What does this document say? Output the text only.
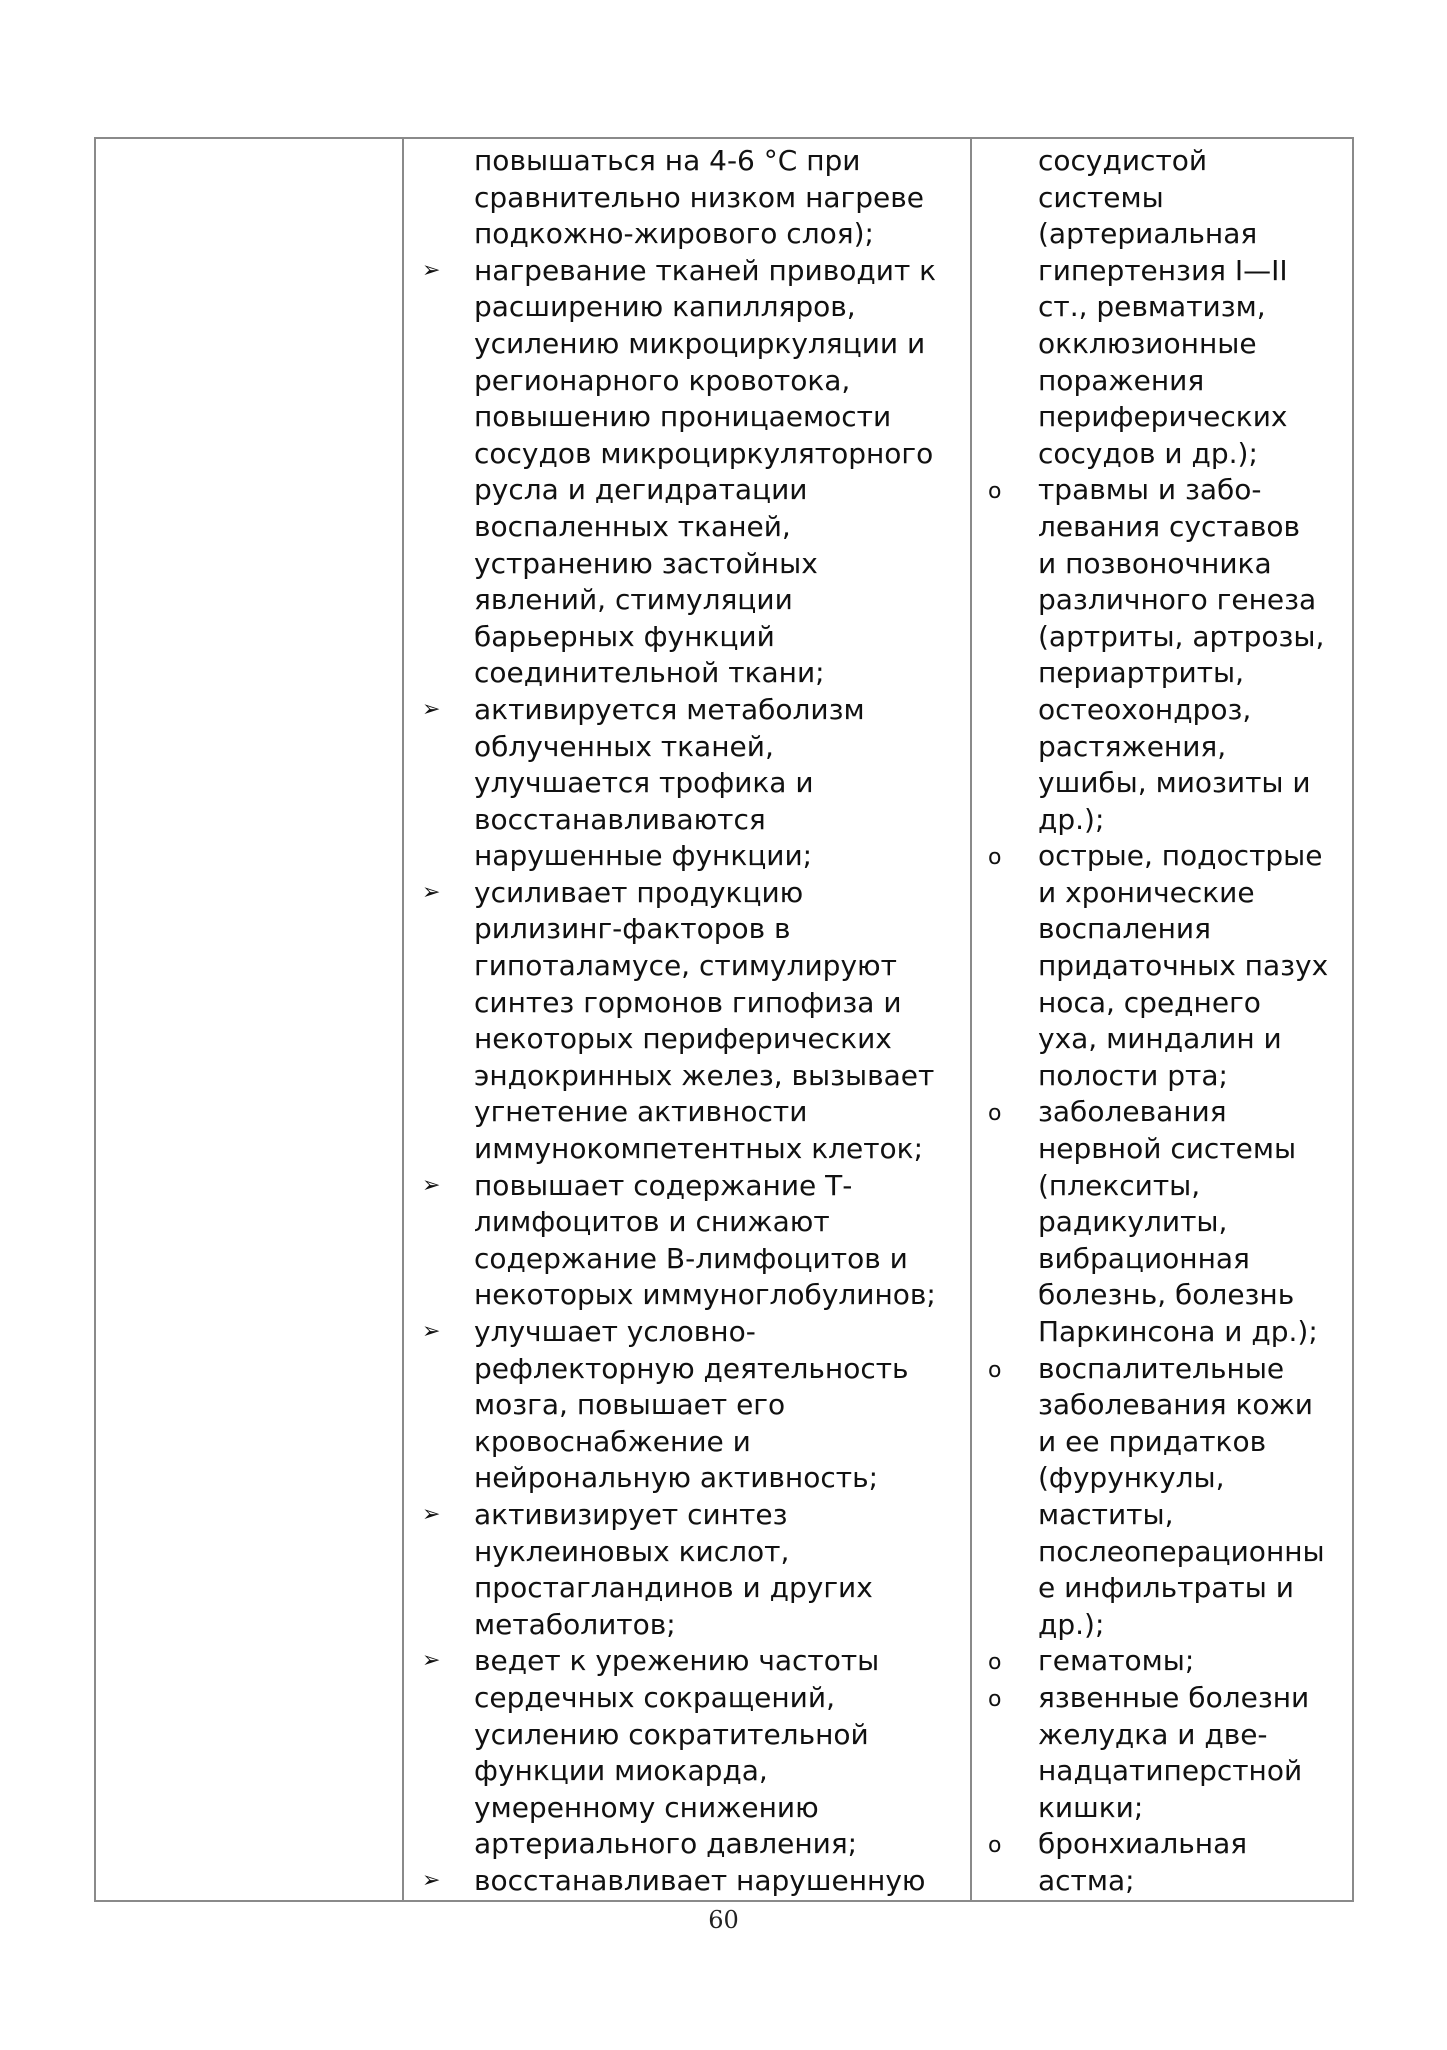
повышаться на 4-6 °С при
сравнительно низком нагреве
подкожно-жирового слоя);
➢ нагревание тканей приводит к
расширению капилляров,
усилению микроциркуляции и
регионарного кровотока,
повышению проницаемости
сосудов микроциркуляторного
русла и дегидратации
воспаленных тканей,
устранению застойных
явлений, стимуляции
барьерных функций
соединительной ткани;
➢ активируется метаболизм
облученных тканей,
улучшается трофика и
восстанавливаются
нарушенные функции;
➢ усиливает продукцию
рилизинг-факторов в
гипоталамусе, стимулируют
синтез гормонов гипофиза и
некоторых периферических
эндокринных желез, вызывает
угнетение активности
иммунокомпетентных клеток;
➢ повышает содержание Т-
лимфоцитов и снижают
содержание В-лимфоцитов и
некоторых иммуноглобулинов;
➢ улучшает условно-
рефлекторную деятельность
мозга, повышает его
кровоснабжение и
нейрональную активность;
➢ активизирует синтез
нуклеиновых кислот,
простагландинов и других
метаболитов;
➢ ведет к урежению частоты
сердечных сокращений,
усилению сократительной
функции миокарда,
умеренному снижению
артериального давления;
➢ восстанавливает нарушенную

сосудистой
системы
(артериальная
гипертензия I—II
ст., ревматизм,
окклюзионные
поражения
периферических
сосудов и др.);
o травмы и забо-
левания суставов
и позвоночника
различного генеза
(артриты, артрозы,
периартриты,
остеохондроз,
растяжения,
ушибы, миозиты и
др.);
o острые, подострые
и хронические
воспаления
придаточных пазух
носа, среднего
уха, миндалин и
полости рта;
o заболевания
нервной системы
(плекситы,
радикулиты,
вибрационная
болезнь, болезнь
Паркинсона и др.);
o воспалительные
заболевания кожи
и ее придатков
(фурункулы,
маститы,
послеоперационны
е инфильтраты и
др.);
o гематомы;
o язвенные болезни
желудка и две-
надцатиперстной
кишки;
o бронхиальная
астма;
60
